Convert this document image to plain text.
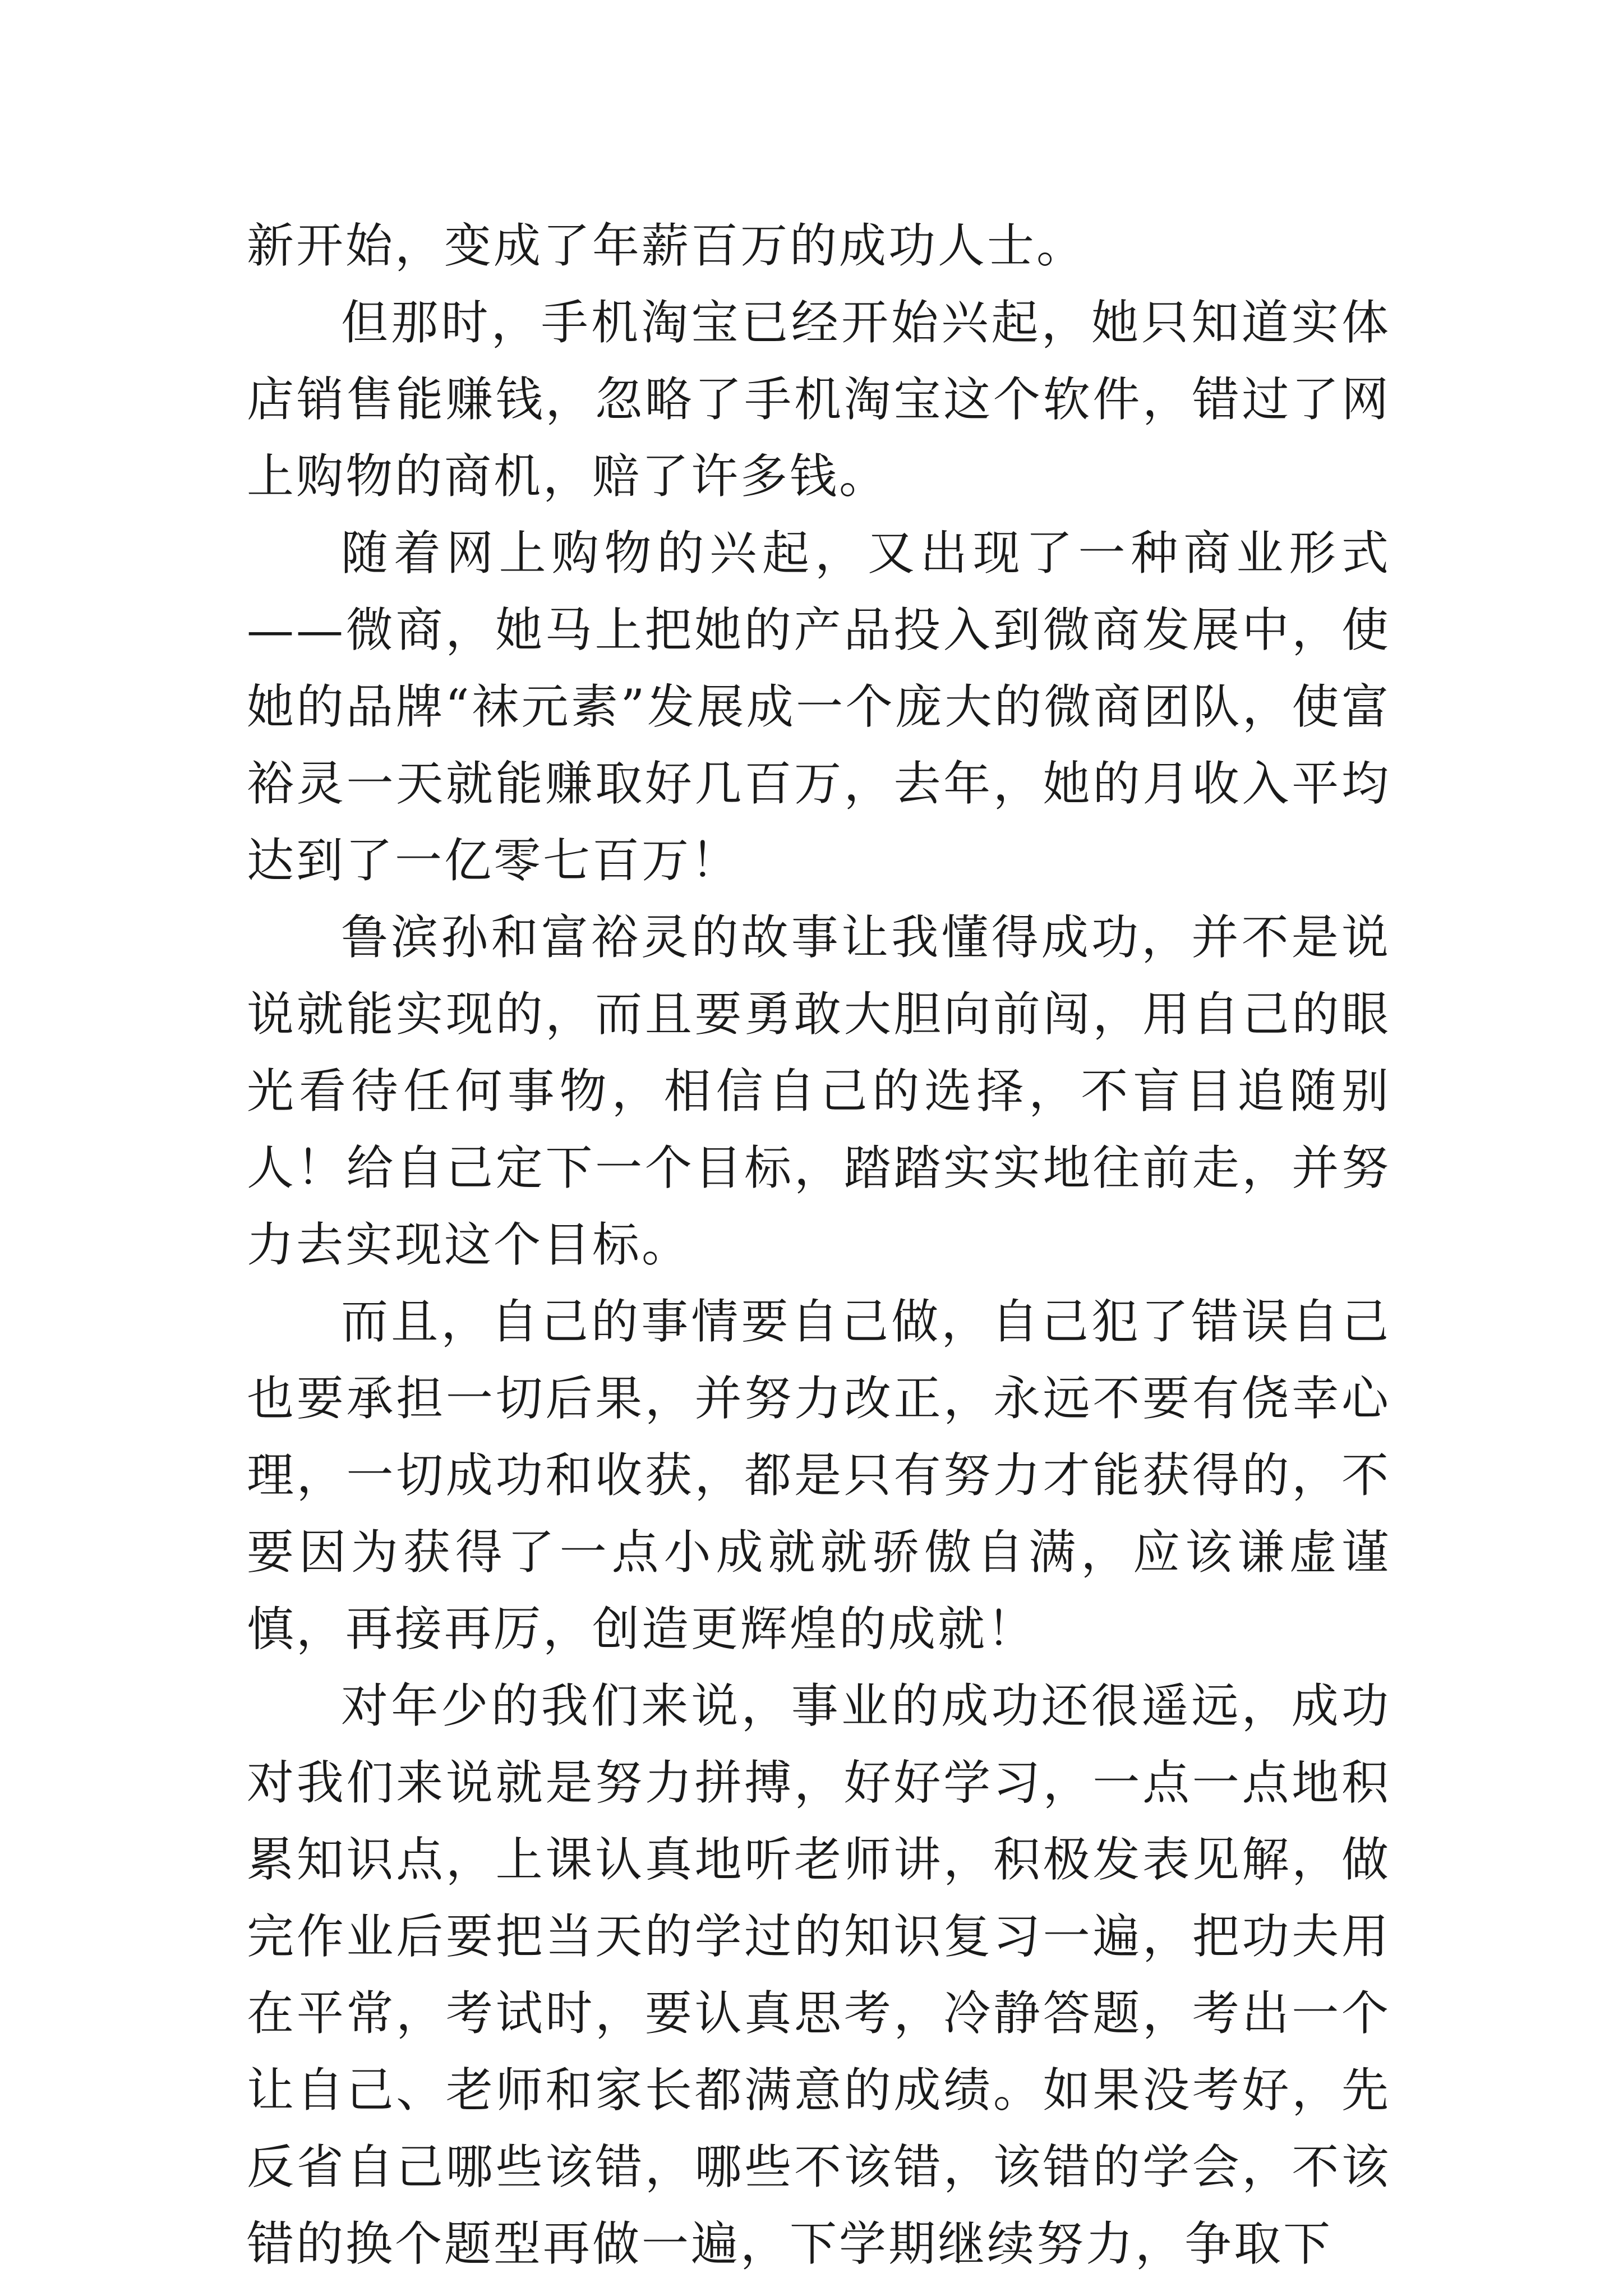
新开始，变成了年薪百万的成功人士。

但那时，手机淘宝已经开始兴起，她只知道实体店销售能赚钱，忽略了手机淘宝这个软件，错过了网上购物的商机，赔了许多钱。

随着网上购物的兴起，又出现了一种商业形式——微商，她马上把她的产品投入到微商发展中，使她的品牌“袜元素”发展成一个庞大的微商团队，使富裕灵一天就能赚取好几百万，去年，她的月收入平均达到了一亿零七百万！

鲁滨孙和富裕灵的故事让我懂得成功，并不是说说就能实现的，而且要勇敢大胆向前闯，用自己的眼光看待任何事物，相信自己的选择，不盲目追随别人！给自己定下一个目标，踏踏实实地往前走，并努力去实现这个目标。

而且，自己的事情要自己做，自己犯了错误自己也要承担一切后果，并努力改正，永远不要有侥幸心理，一切成功和收获，都是只有努力才能获得的，不要因为获得了一点小成就就骄傲自满，应该谦虚谨慎，再接再厉，创造更辉煌的成就！

对年少的我们来说，事业的成功还很遥远，成功对我们来说就是努力拼搏，好好学习，一点一点地积累知识点，上课认真地听老师讲，积极发表见解，做完作业后要把当天的学过的知识复习一遍，把功夫用在平常，考试时，要认真思考，冷静答题，考出一个让自己、老师和家长都满意的成绩。如果没考好，先反省自己哪些该错，哪些不该错，该错的学会，不该错的换个题型再做一遍，下学期继续努力，争取下
